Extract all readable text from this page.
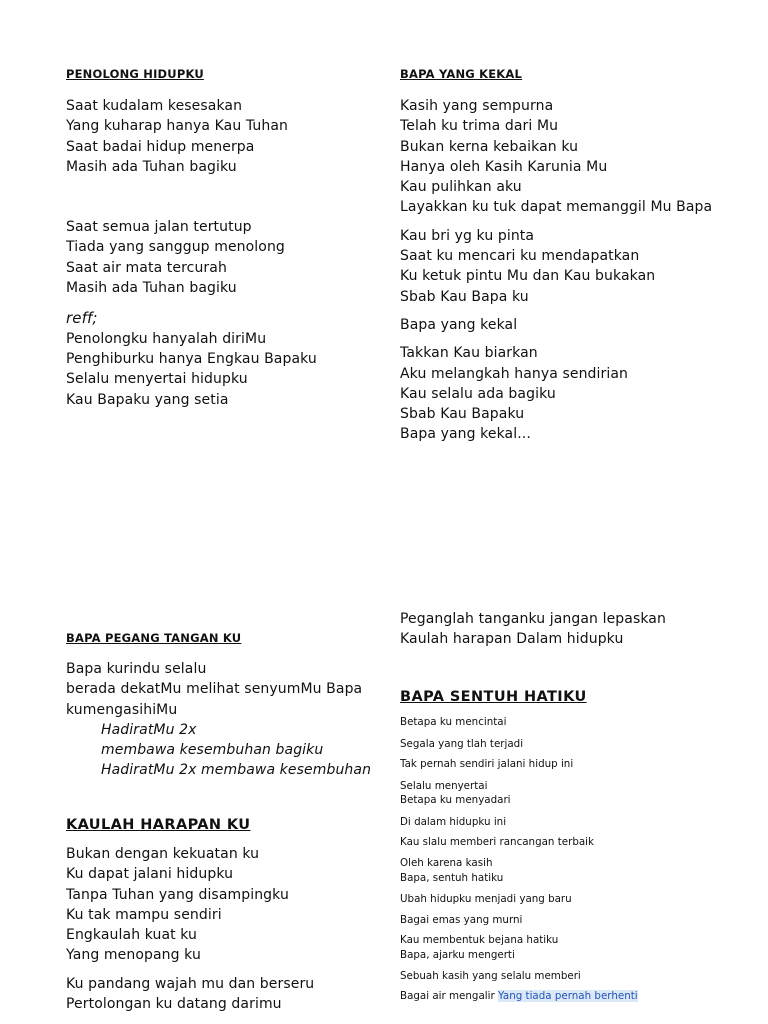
PENOLONG HIDUPKU
Saat kudalam kesesakan
Yang kuharap hanya Kau Tuhan
Saat badai hidup menerpa
Masih ada Tuhan bagiku
Saat semua jalan tertutup
Tiada yang sanggup menolong
Saat air mata tercurah
Masih ada Tuhan bagiku
reff;
Penolongku hanyalah diriMu
Penghiburku hanya Engkau Bapaku
Selalu menyertai hidupku
Kau Bapaku yang setia
BAPA YANG KEKAL
Kasih yang sempurna
Telah ku trima dari Mu
Bukan kerna kebaikan ku
Hanya oleh Kasih Karunia Mu
Kau pulihkan aku
Layakkan ku tuk dapat memanggil Mu Bapa
Kau bri yg ku pinta
Saat ku mencari ku mendapatkan
Ku ketuk pintu Mu dan Kau bukakan
Sbab Kau Bapa ku
Bapa yang kekal
Takkan Kau biarkan
Aku melangkah hanya sendirian
Kau selalu ada bagiku
Sbab Kau Bapaku
Bapa yang kekal...
Peganglah tanganku jangan lepaskan
Kaulah harapan Dalam hidupku
BAPA PEGANG TANGAN KU
Bapa kurindu selalu
berada dekatMu melihat senyumMu Bapa
kumengasihiMu
HadiratMu 2x
membawa kesembuhan bagiku
HadiratMu 2x membawa kesembuhan
KAULAH HARAPAN KU
Bukan dengan kekuatan ku
Ku dapat jalani hidupku
Tanpa Tuhan yang disampingku
Ku tak mampu sendiri
Engkaulah kuat ku
Yang menopang ku
Ku pandang wajah mu dan berseru
Pertolongan ku datang darimu
BAPA SENTUH HATIKU
Betapa ku mencintai
Segala yang tlah terjadi
Tak pernah sendiri jalani hidup ini
Selalu menyertai
Betapa ku menyadari
Di dalam hidupku ini
Kau slalu memberi rancangan terbaik
Oleh karena kasih
Bapa, sentuh hatiku
Ubah hidupku menjadi yang baru
Bagai emas yang murni
Kau membentuk bejana hatiku
Bapa, ajarku mengerti
Sebuah kasih yang selalu memberi
Bagai air mengalir Yang tiada pernah berhenti
